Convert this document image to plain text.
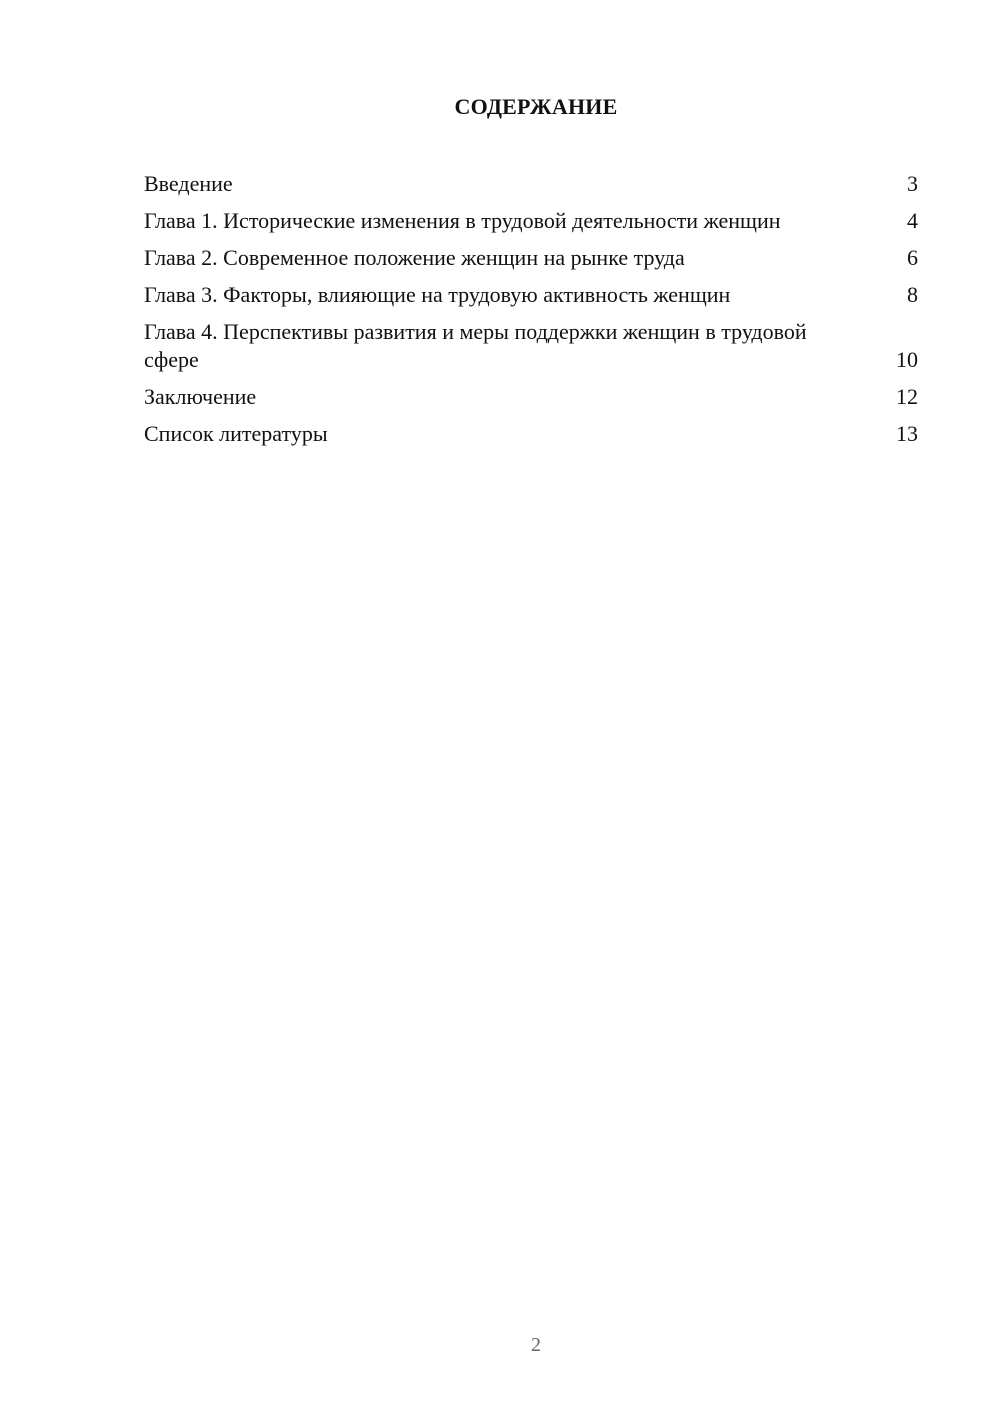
СОДЕРЖАНИЕ
Введение	3
Глава 1. Исторические изменения в трудовой деятельности женщин	4
Глава 2. Современное положение женщин на рынке труда	6
Глава 3. Факторы, влияющие на трудовую активность женщин	8
Глава 4. Перспективы развития и меры поддержки женщин в трудовой сфере	10
Заключение	12
Список литературы	13
2
